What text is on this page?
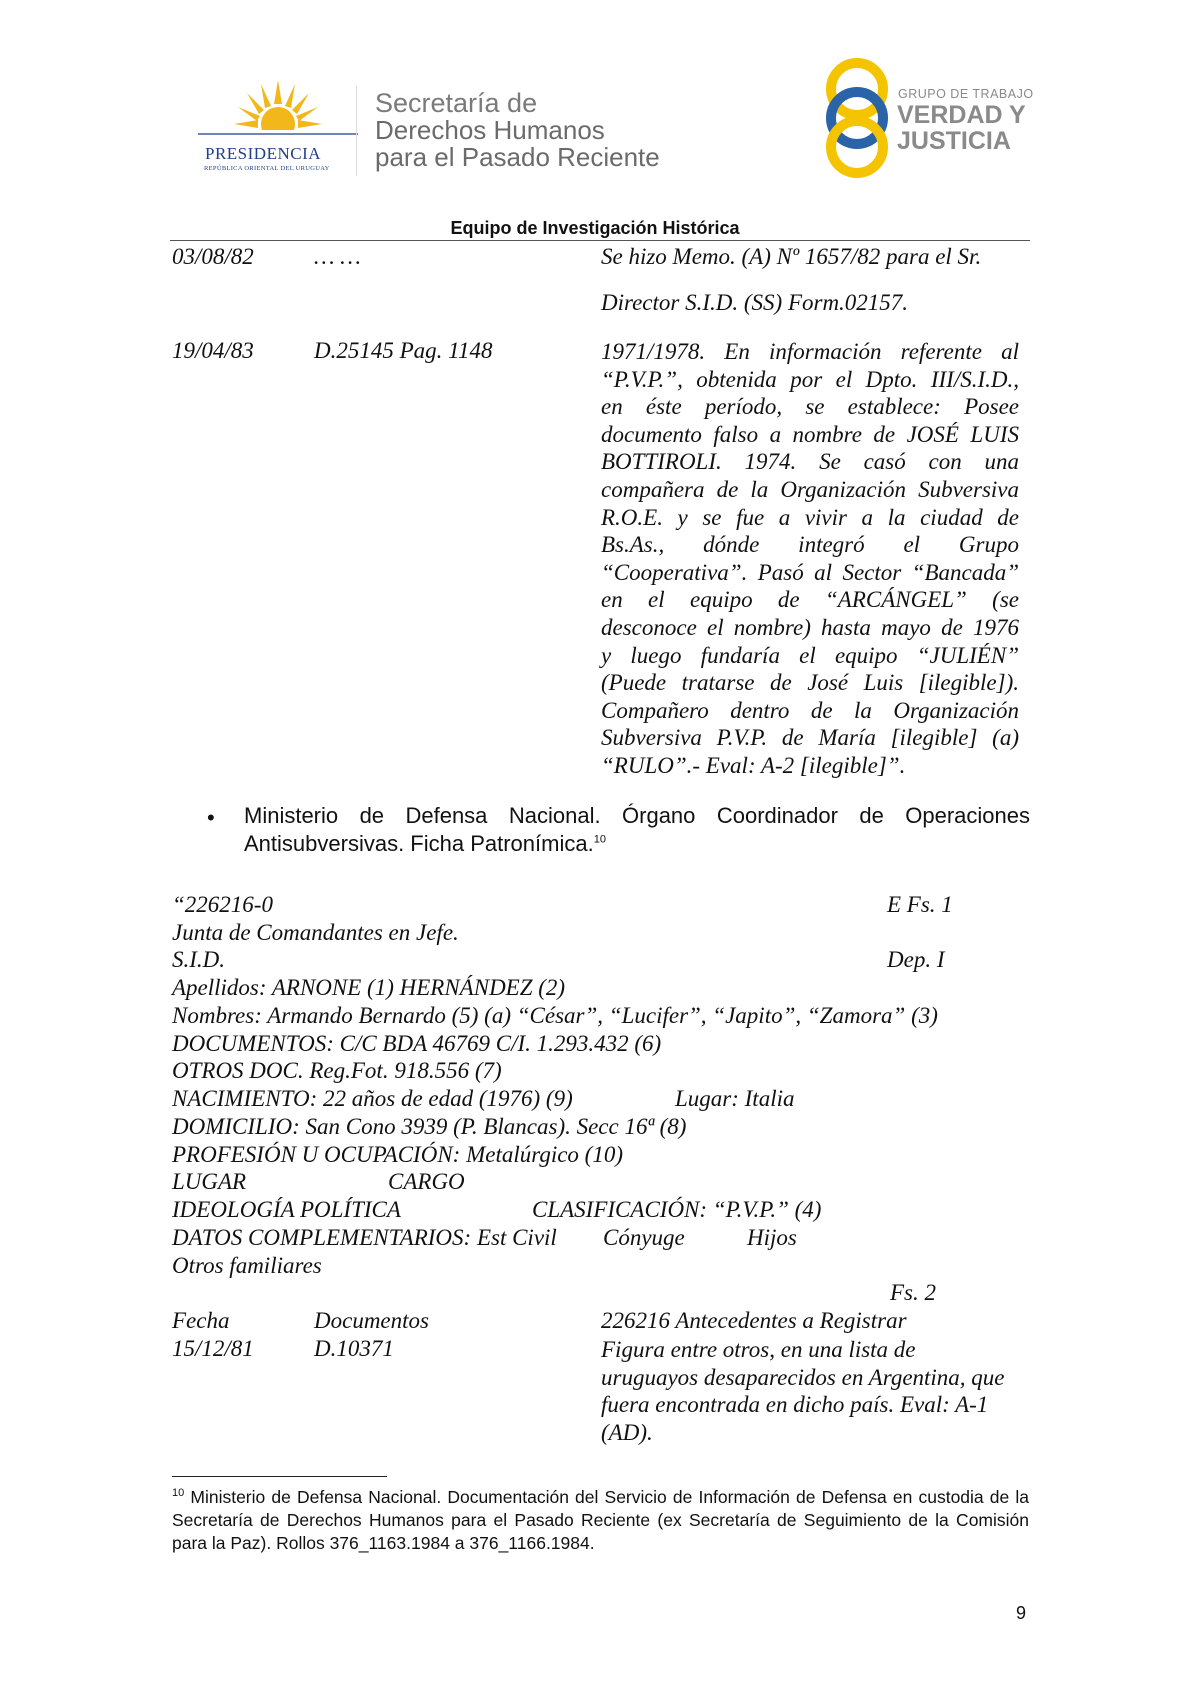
PRESIDENCIA
REPÚBLICA ORIENTAL DEL URUGUAY
Secretaría de
Derechos Humanos
para el Pasado Reciente
GRUPO DE TRABAJO
VERDAD Y
JUSTICIA
Equipo de Investigación Histórica
03/08/82	… …	Se hizo Memo. (A) Nº 1657/82 para el Sr.
Director S.I.D. (SS) Form.02157.
19/04/83	D.25145 Pag. 1148	1971/1978. En información referente al
“P.V.P.”, obtenida por el Dpto. III/S.I.D.,
en éste período, se establece: Posee
documento falso a nombre de JOSÉ LUIS
BOTTIROLI. 1974. Se casó con una
compañera de la Organización Subversiva
R.O.E. y se fue a vivir a la ciudad de
Bs.As., dónde integró el Grupo
“Cooperativa”. Pasó al Sector “Bancada”
en el equipo de “ARCÁNGEL” (se
desconoce el nombre) hasta mayo de 1976
y luego fundaría el equipo “JULIÉN”
(Puede tratarse de José Luis [ilegible]).
Compañero dentro de la Organización
Subversiva P.V.P. de María [ilegible] (a)
“RULO”.- Eval: A-2 [ilegible]”.
• Ministerio de Defensa Nacional. Órgano Coordinador de Operaciones Antisubversivas. Ficha Patronímica.$^{10}$
“226216-0	E Fs. 1
Junta de Comandantes en Jefe.
S.I.D.	Dep. I
Apellidos: ARNONE (1) HERNÁNDEZ (2)
Nombres: Armando Bernardo (5) (a) “César”, “Lucifer”, “Japito”, “Zamora” (3)
DOCUMENTOS: C/C BDA 46769 C/I. 1.293.432 (6)
OTROS DOC. Reg.Fot. 918.556 (7)
NACIMIENTO: 22 años de edad (1976) (9)	Lugar: Italia
DOMICILIO: San Cono 3939 (P. Blancas). Secc 16ª (8)
PROFESIÓN U OCUPACIÓN: Metalúrgico (10)
LUGAR	CARGO
IDEOLOGÍA POLÍTICA	CLASIFICACIÓN: “P.V.P.” (4)
DATOS COMPLEMENTARIOS: Est Civil Cónyuge	Hijos
Otros familiares
Fs. 2
Fecha	Documentos	226216 Antecedentes a Registrar
15/12/81	D.10371	Figura entre otros, en una lista de
uruguayos desaparecidos en Argentina, que
fuera encontrada en dicho país. Eval: A-1
(AD).
$^{10}$ Ministerio de Defensa Nacional. Documentación del Servicio de Información de Defensa en custodia de la Secretaría de Derechos Humanos para el Pasado Reciente (ex Secretaría de Seguimiento de la Comisión para la Paz). Rollos 376_1163.1984 a 376_1166.1984.
9
